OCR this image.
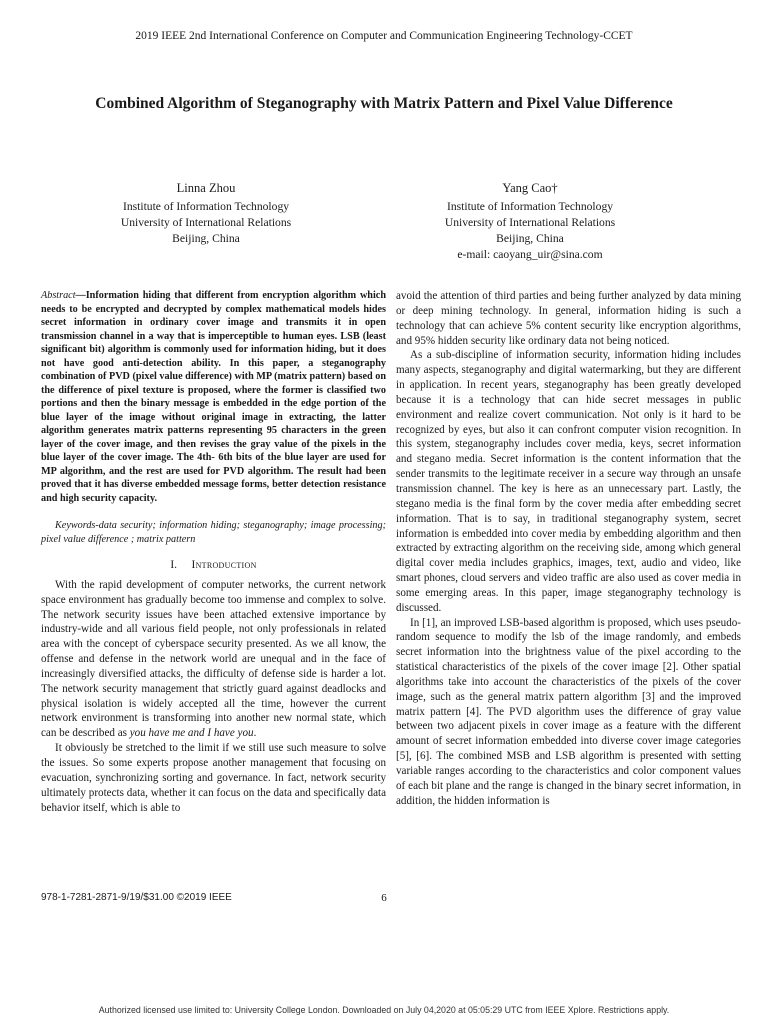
2019 IEEE 2nd International Conference on Computer and Communication Engineering Technology-CCET
Combined Algorithm of Steganography with Matrix Pattern and Pixel Value Difference
Linna Zhou
Institute of Information Technology
University of International Relations
Beijing, China
Yang Cao†
Institute of Information Technology
University of International Relations
Beijing, China
e-mail: caoyang_uir@sina.com

Abstract—Information hiding that different from encryption algorithm which needs to be encrypted and decrypted by complex mathematical models hides secret information in ordinary cover image and transmits it in open transmission channel in a way that is imperceptible to human eyes. LSB (least significant bit) algorithm is commonly used for information hiding, but it does not have good anti-detection ability. In this paper, a steganography combination of PVD (pixel value difference) with MP (matrix pattern) based on the difference of pixel texture is proposed, where the former is classified two portions and then the binary message is embedded in the edge portion of the blue layer of the image without original image in extracting, the latter algorithm generates matrix patterns representing 95 characters in the green layer of the cover image, and then revises the gray value of the pixels in the blue layer of the cover image. The 4th- 6th bits of the blue layer are used for MP algorithm, and the rest are used for PVD algorithm. The result had been proved that it has diverse embedded message forms, better detection resistance and high security capacity.

Keywords-data security; information hiding; steganography; image processing; pixel value difference ; matrix pattern

I. Introduction

With the rapid development of computer networks, the current network space environment has gradually become too immense and complex to solve. The network security issues have been attached extensive importance by industry-wide and all various field people, not only professionals in related area with the concept of cyberspace security presented. As we all know, the offense and defense in the network world are unequal and in the face of increasingly diversified attacks, the difficulty of defense side is harder a lot. The network security management that strictly guard against deadlocks and physical isolation is widely accepted all the time, however the current network environment is transforming into another new normal state, which can be described as you have me and I have you.

It obviously be stretched to the limit if we still use such measure to solve the issues. So some experts propose another management that focusing on evacuation, synchronizing sorting and governance. In fact, network security ultimately protects data, whether it can focus on the data and specifically data behavior itself, which is able to

avoid the attention of third parties and being further analyzed by data mining or deep mining technology. In general, information hiding is such a technology that can achieve 5% content security like encryption algorithms, and 95% hidden security like ordinary data not being noticed.

As a sub-discipline of information security, information hiding includes many aspects, steganography and digital watermarking, but they are different in application. In recent years, steganography has been greatly developed because it is a technology that can hide secret messages in public environment and realize covert communication. Not only is it hard to be recognized by eyes, but also it can confront computer vision recognition. In this system, steganography includes cover media, keys, secret information and stegano media. Secret information is the content information that the sender transmits to the legitimate receiver in a secure way through an unsafe transmission channel. The key is here as an unnecessary part. Lastly, the stegano media is the final form by the cover media after embedding secret information. That is to say, in traditional steganography system, secret information is embedded into cover media by embedding algorithm and then extracted by extracting algorithm on the receiving side, among which general digital cover media includes graphics, images, text, audio and video, like smart phones, cloud servers and video traffic are also used as cover media in some emerging areas. In this paper, image steganography technology is discussed.

In [1], an improved LSB-based algorithm is proposed, which uses pseudo-random sequence to modify the lsb of the image randomly, and embeds secret information into the brightness value of the pixel according to the statistical characteristics of the pixels of the cover image [2]. Other spatial algorithms take into account the characteristics of the pixels of the cover image, such as the general matrix pattern algorithm [3] and the improved matrix pattern [4]. The PVD algorithm uses the difference of gray value between two adjacent pixels in cover image as a feature with the different amount of secret information embedded into diverse cover image categories [5], [6]. The combined MSB and LSB algorithm is presented with setting variable ranges according to the characteristics and color component values of each bit plane and the range is changed in the binary secret information, in addition, the hidden information is

978-1-7281-2871-9/19/$31.00 ©2019 IEEE	6
Authorized licensed use limited to: University College London. Downloaded on July 04,2020 at 05:05:29 UTC from IEEE Xplore. Restrictions apply.
